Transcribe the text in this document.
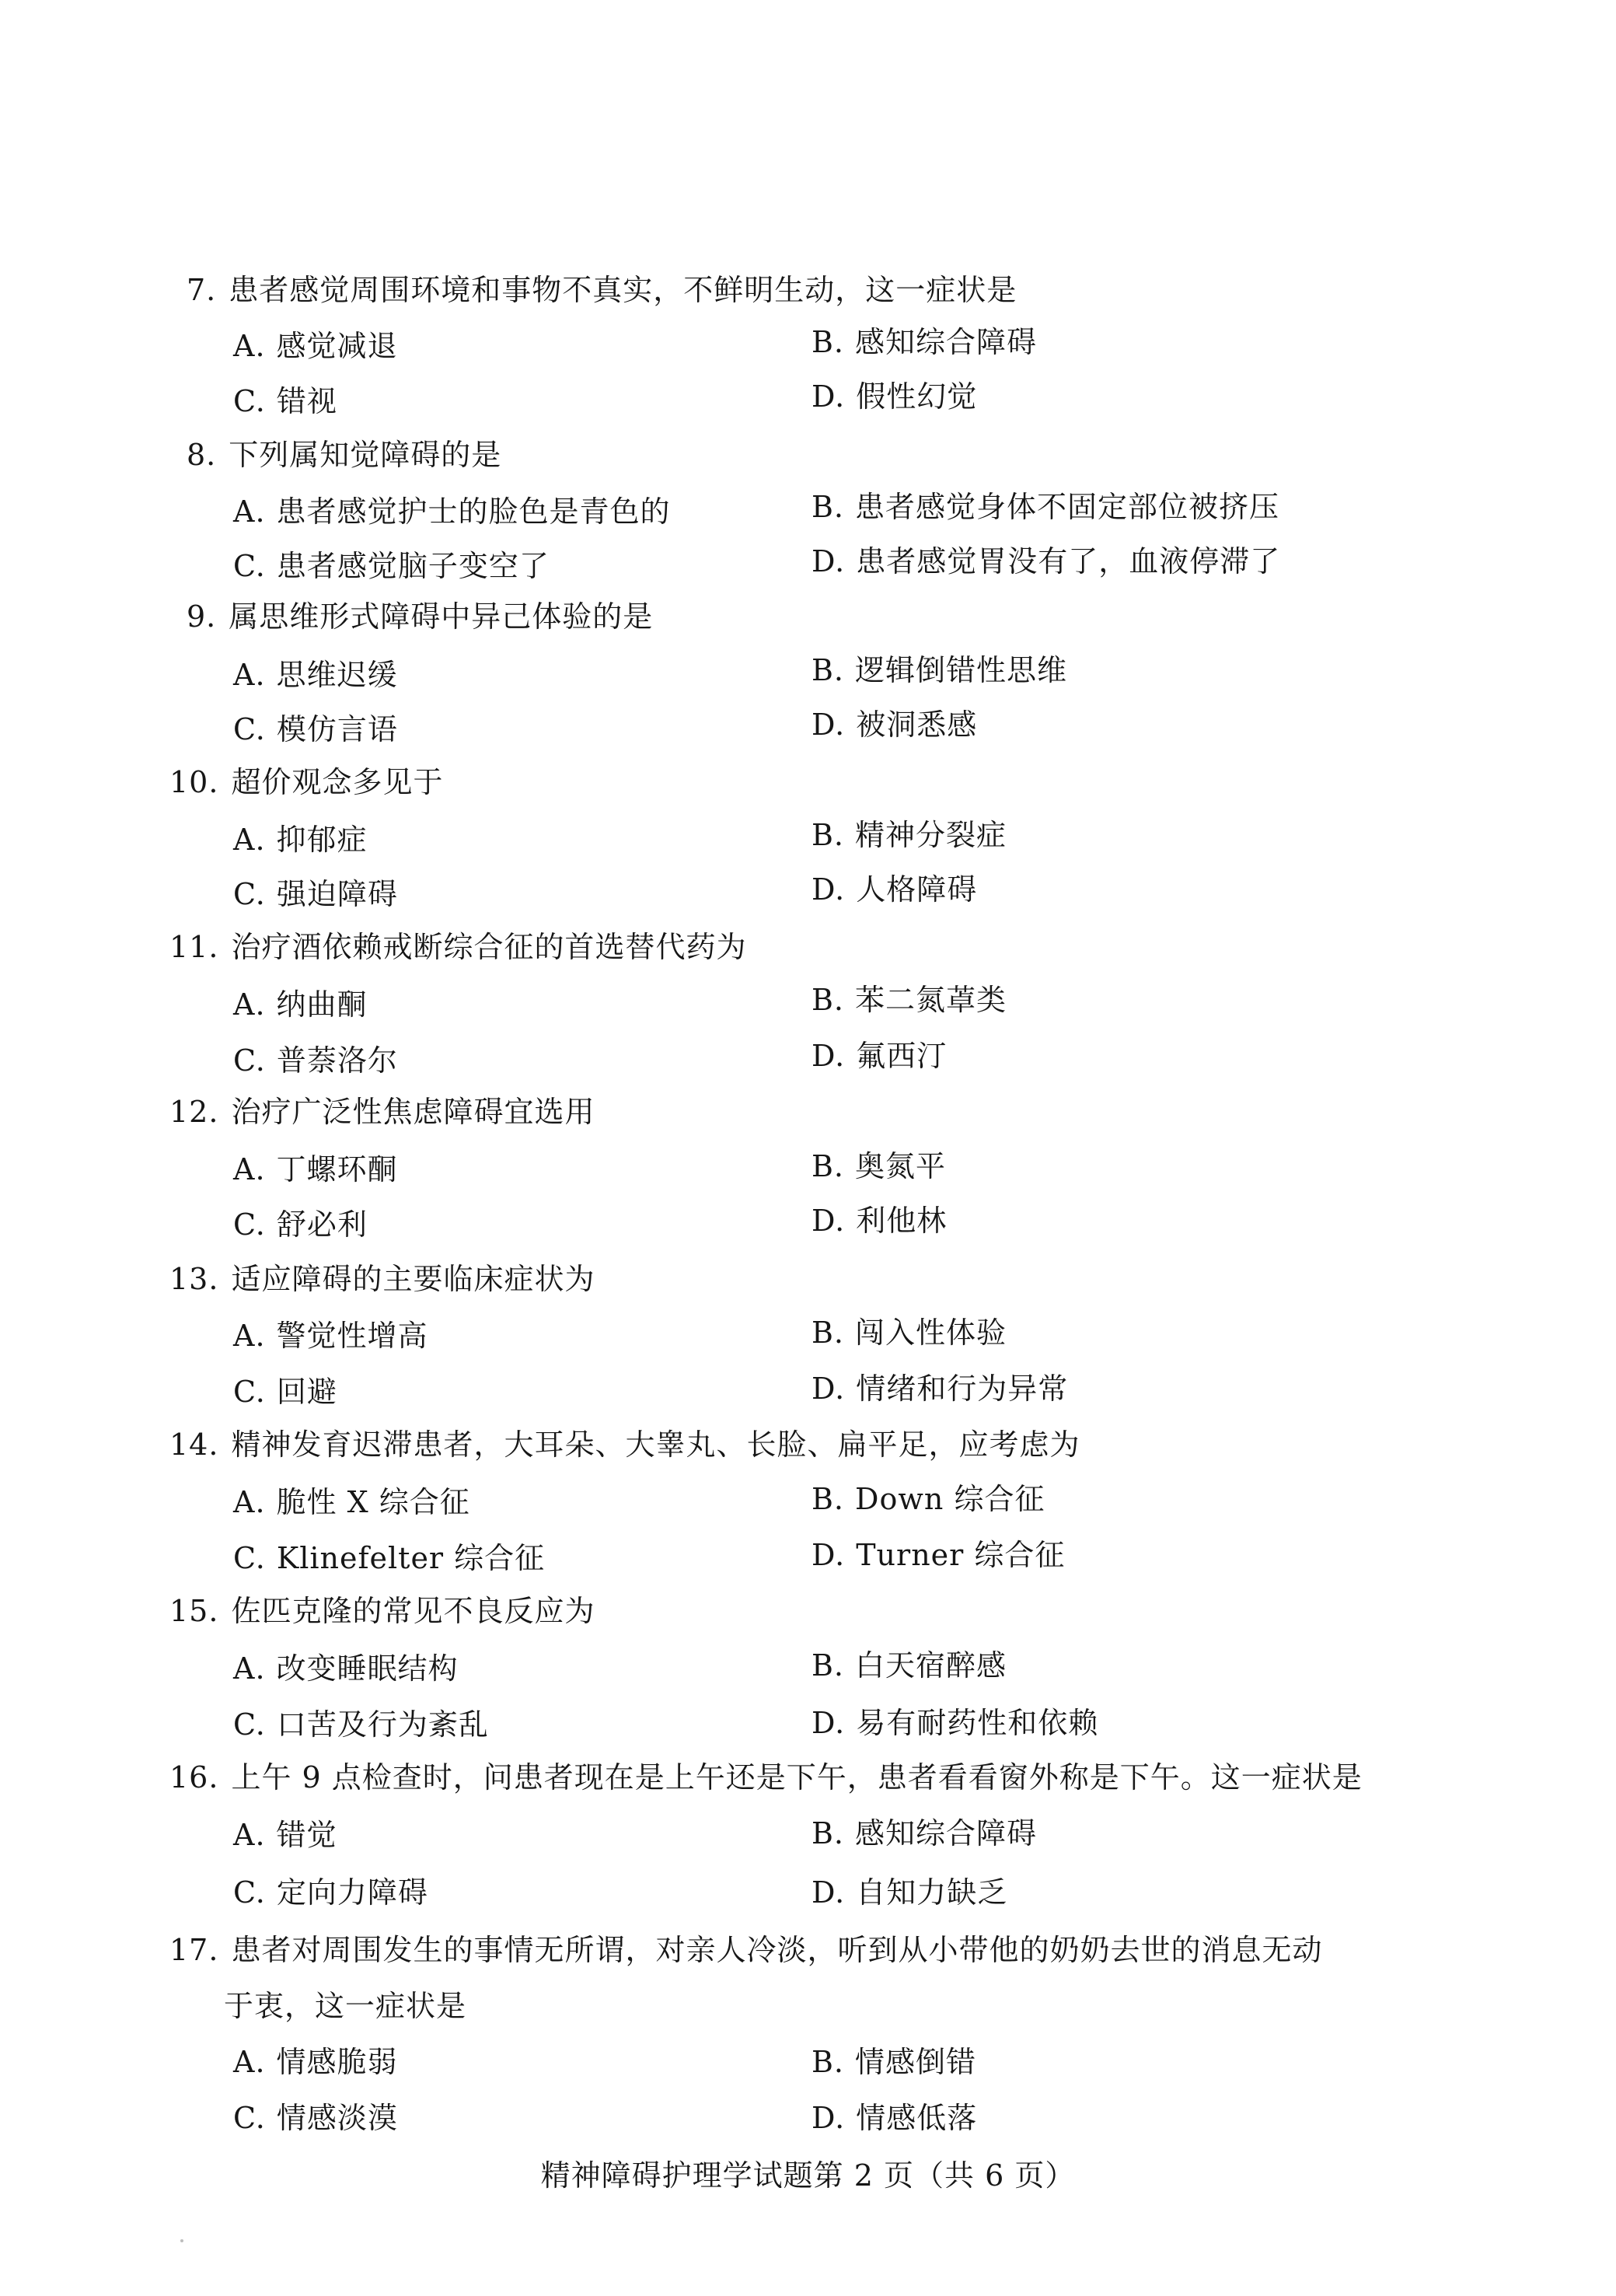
7. 患者感觉周围环境和事物不真实，不鲜明生动，这一症状是
A. 感觉减退	B. 感知综合障碍
C. 错视	D. 假性幻觉
8. 下列属知觉障碍的是
A. 患者感觉护士的脸色是青色的	B. 患者感觉身体不固定部位被挤压
C. 患者感觉脑子变空了	D. 患者感觉胃没有了，血液停滞了
9. 属思维形式障碍中异己体验的是
A. 思维迟缓	B. 逻辑倒错性思维
C. 模仿言语	D. 被洞悉感
10. 超价观念多见于
A. 抑郁症	B. 精神分裂症
C. 强迫障碍	D. 人格障碍
11. 治疗酒依赖戒断综合征的首选替代药为
A. 纳曲酮	B. 苯二氮䓬类
C. 普萘洛尔	D. 氟西汀
12. 治疗广泛性焦虑障碍宜选用
A. 丁螺环酮	B. 奥氮平
C. 舒必利	D. 利他林
13. 适应障碍的主要临床症状为
A. 警觉性增高	B. 闯入性体验
C. 回避	D. 情绪和行为异常
14. 精神发育迟滞患者，大耳朵、大睾丸、长脸、扁平足，应考虑为
A. 脆性 X 综合征	B. Down 综合征
C. Klinefelter 综合征	D. Turner 综合征
15. 佐匹克隆的常见不良反应为
A. 改变睡眠结构	B. 白天宿醉感
C. 口苦及行为紊乱	D. 易有耐药性和依赖
16. 上午 9 点检查时，问患者现在是上午还是下午，患者看看窗外称是下午。这一症状是
A. 错觉	B. 感知综合障碍
C. 定向力障碍	D. 自知力缺乏
17. 患者对周围发生的事情无所谓，对亲人冷淡，听到从小带他的奶奶去世的消息无动
于衷，这一症状是
A. 情感脆弱	B. 情感倒错
C. 情感淡漠	D. 情感低落
精神障碍护理学试题第 2 页（共 6 页）
